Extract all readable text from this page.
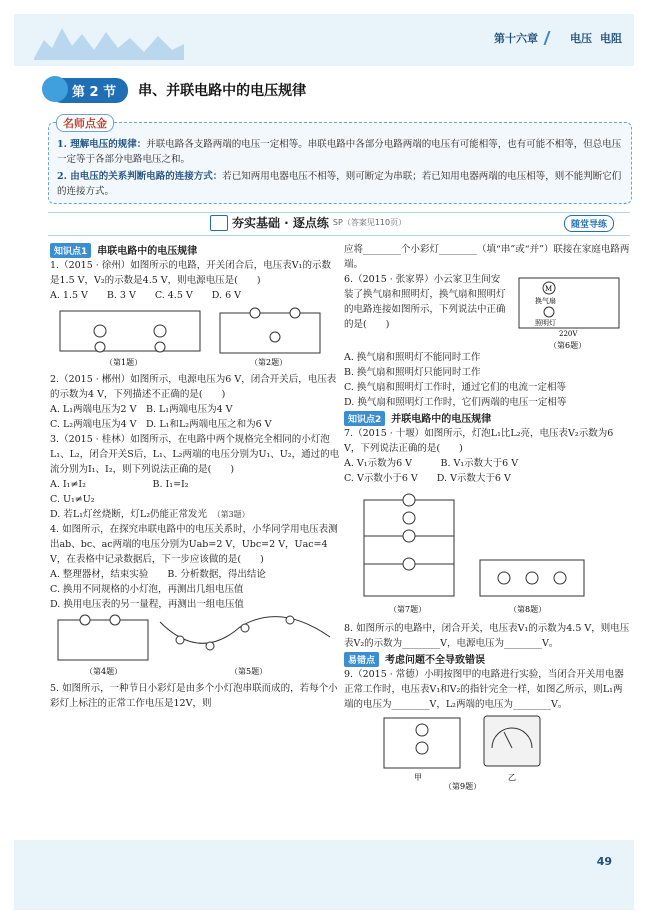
第十六章	电压 电阻
第 2 节	串、并联电路中的电压规律

1. 理解电压的规律：并联电路各支路两端的电压一定相等。串联电路中各部分电路两端的电压有可能相等，也有可能不相等，但总电压一定等于各部分电路电压之和。

2. 由电压的关系判断电路的连接方式：若已知两用电器电压不相等，则可断定为串联；若已知用电器两端的电压相等，则不能判断它们的连接方式。

名师点金
夯实基础 · 逐点练 SP（答案见110页）	随堂导练

知识点1 串联电路中的电压规律

1.（2015 · 徐州）如图所示的电路，开关闭合后，电压表V₁的示数是1.5 V，V₂的示数是4.5 V，则电源电压是(　　)

A. 1.5 V　　B. 3 V　　C. 4.5 V　　D. 6 V

（第1题）	（第2题）

2.（2015 · 郴州）如图所示，电源电压为6 V，闭合开关后，电压表的示数为4 V，下列描述不正确的是(　　)

A. L₁两端电压为2 V　B. L₁两端电压为4 V

C. L₂两端电压为4 V　D. L₁和L₂两端电压之和为6 V

3.（2015 · 桂林）如图所示，在电路中两个规格完全相同的小灯泡L₁、L₂，闭合开关S后，L₁、L₂两端的电压分别为U₁、U₂，通过的电流分别为I₁、I₂，则下列说法正确的是(　　)

A. I₁≠I₂　　　　　　　	B. I₁=I₂

C. U₁≠U₂

D. 若L₁灯丝烧断，灯L₂仍能正常发光　 （第3题）

4. 如图所示，在探究串联电路中的电压关系时，小华同学用电压表测出ab、bc、ac两端的电压分别为Uab=2 V，Ubc=2 V，Uac=4 V，在表格中记录数据后，下一步应该做的是(　　)

A. 整理器材，结束实验　　B. 分析数据，得出结论

C. 换用不同规格的小灯泡，再测出几组电压值

D. 换用电压表的另一量程，再测出一组电压值

（第4题）	（第5题）

5. 如图所示，一种节日小彩灯是由多个小灯泡串联而成的，若每个小彩灯上标注的正常工作电压是12V，则

应将________个小彩灯________（填“串”或“并”）联接在家庭电路两端。

6.（2015 · 张家界）小云家卫生间安装了换气扇和照明灯，换气扇和照明灯的电路连接如图所示，下列说法中正确的是(　　)

M
换气扇
照明灯
220V
（第6题）

A. 换气扇和照明灯不能同时工作

B. 换气扇和照明灯只能同时工作

C. 换气扇和照明灯工作时，通过它们的电流一定相等

D. 换气扇和照明灯工作时，它们两端的电压一定相等

知识点2 并联电路中的电压规律

7.（2015 · 十堰）如图所示，灯泡L₁比L₂亮，电压表V₂示数为6 V，下列说法正确的是(　　)

A. V₁示数为6 V　　　B. V₁示数大于6 V

C. V示数小于6 V　　D. V示数大于6 V

（第7题）	（第8题）

8. 如图所示的电路中，闭合开关，电压表V₁的示数为4.5 V，则电压表V₂的示数为________V，电源电压为________V。

易错点 考虑问题不全导致错误

9.（2015 · 常德）小明按图甲的电路进行实验，当闭合开关用电器正常工作时，电压表V₁和V₂的指针完全一样，如图乙所示，则L₁两端的电压为________V，L₂两端的电压为________V。

甲	乙
（第9题）
49
